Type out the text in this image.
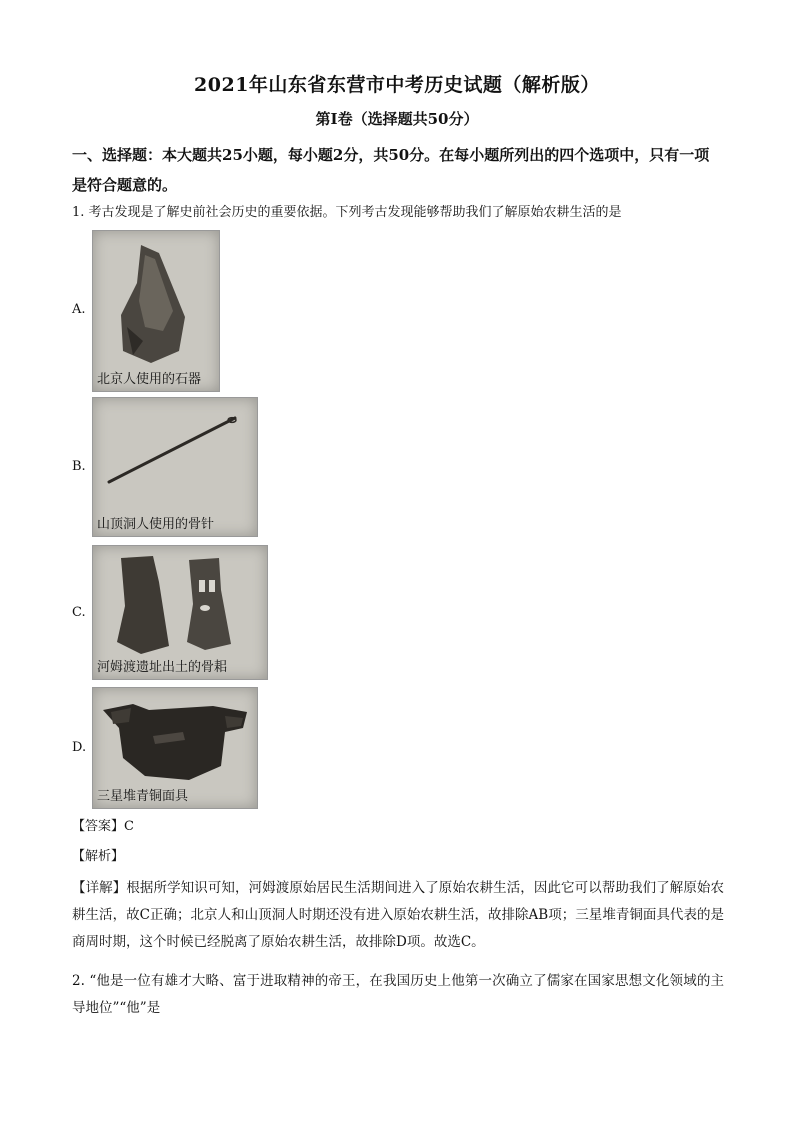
2021年山东省东营市中考历史试题（解析版）
第Ⅰ卷（选择题共50分）
一、选择题：本大题共25小题，每小题2分，共50分。在每小题所列出的四个选项中，只有一项是符合题意的。
1. 考古发现是了解史前社会历史的重要依据。下列考古发现能够帮助我们了解原始农耕生活的是
A.
北京人使用的石器
B.
山顶洞人使用的骨针
C.
河姆渡遗址出土的骨耜
D.
三星堆青铜面具
【答案】C
【解析】
【详解】根据所学知识可知，河姆渡原始居民生活期间进入了原始农耕生活，因此它可以帮助我们了解原始农耕生活，故C正确；北京人和山顶洞人时期还没有进入原始农耕生活，故排除AB项；三星堆青铜面具代表的是商周时期，这个时候已经脱离了原始农耕生活，故排除D项。故选C。
2. “他是一位有雄才大略、富于进取精神的帝王，在我国历史上他第一次确立了儒家在国家思想文化领域的主导地位”“他”是
